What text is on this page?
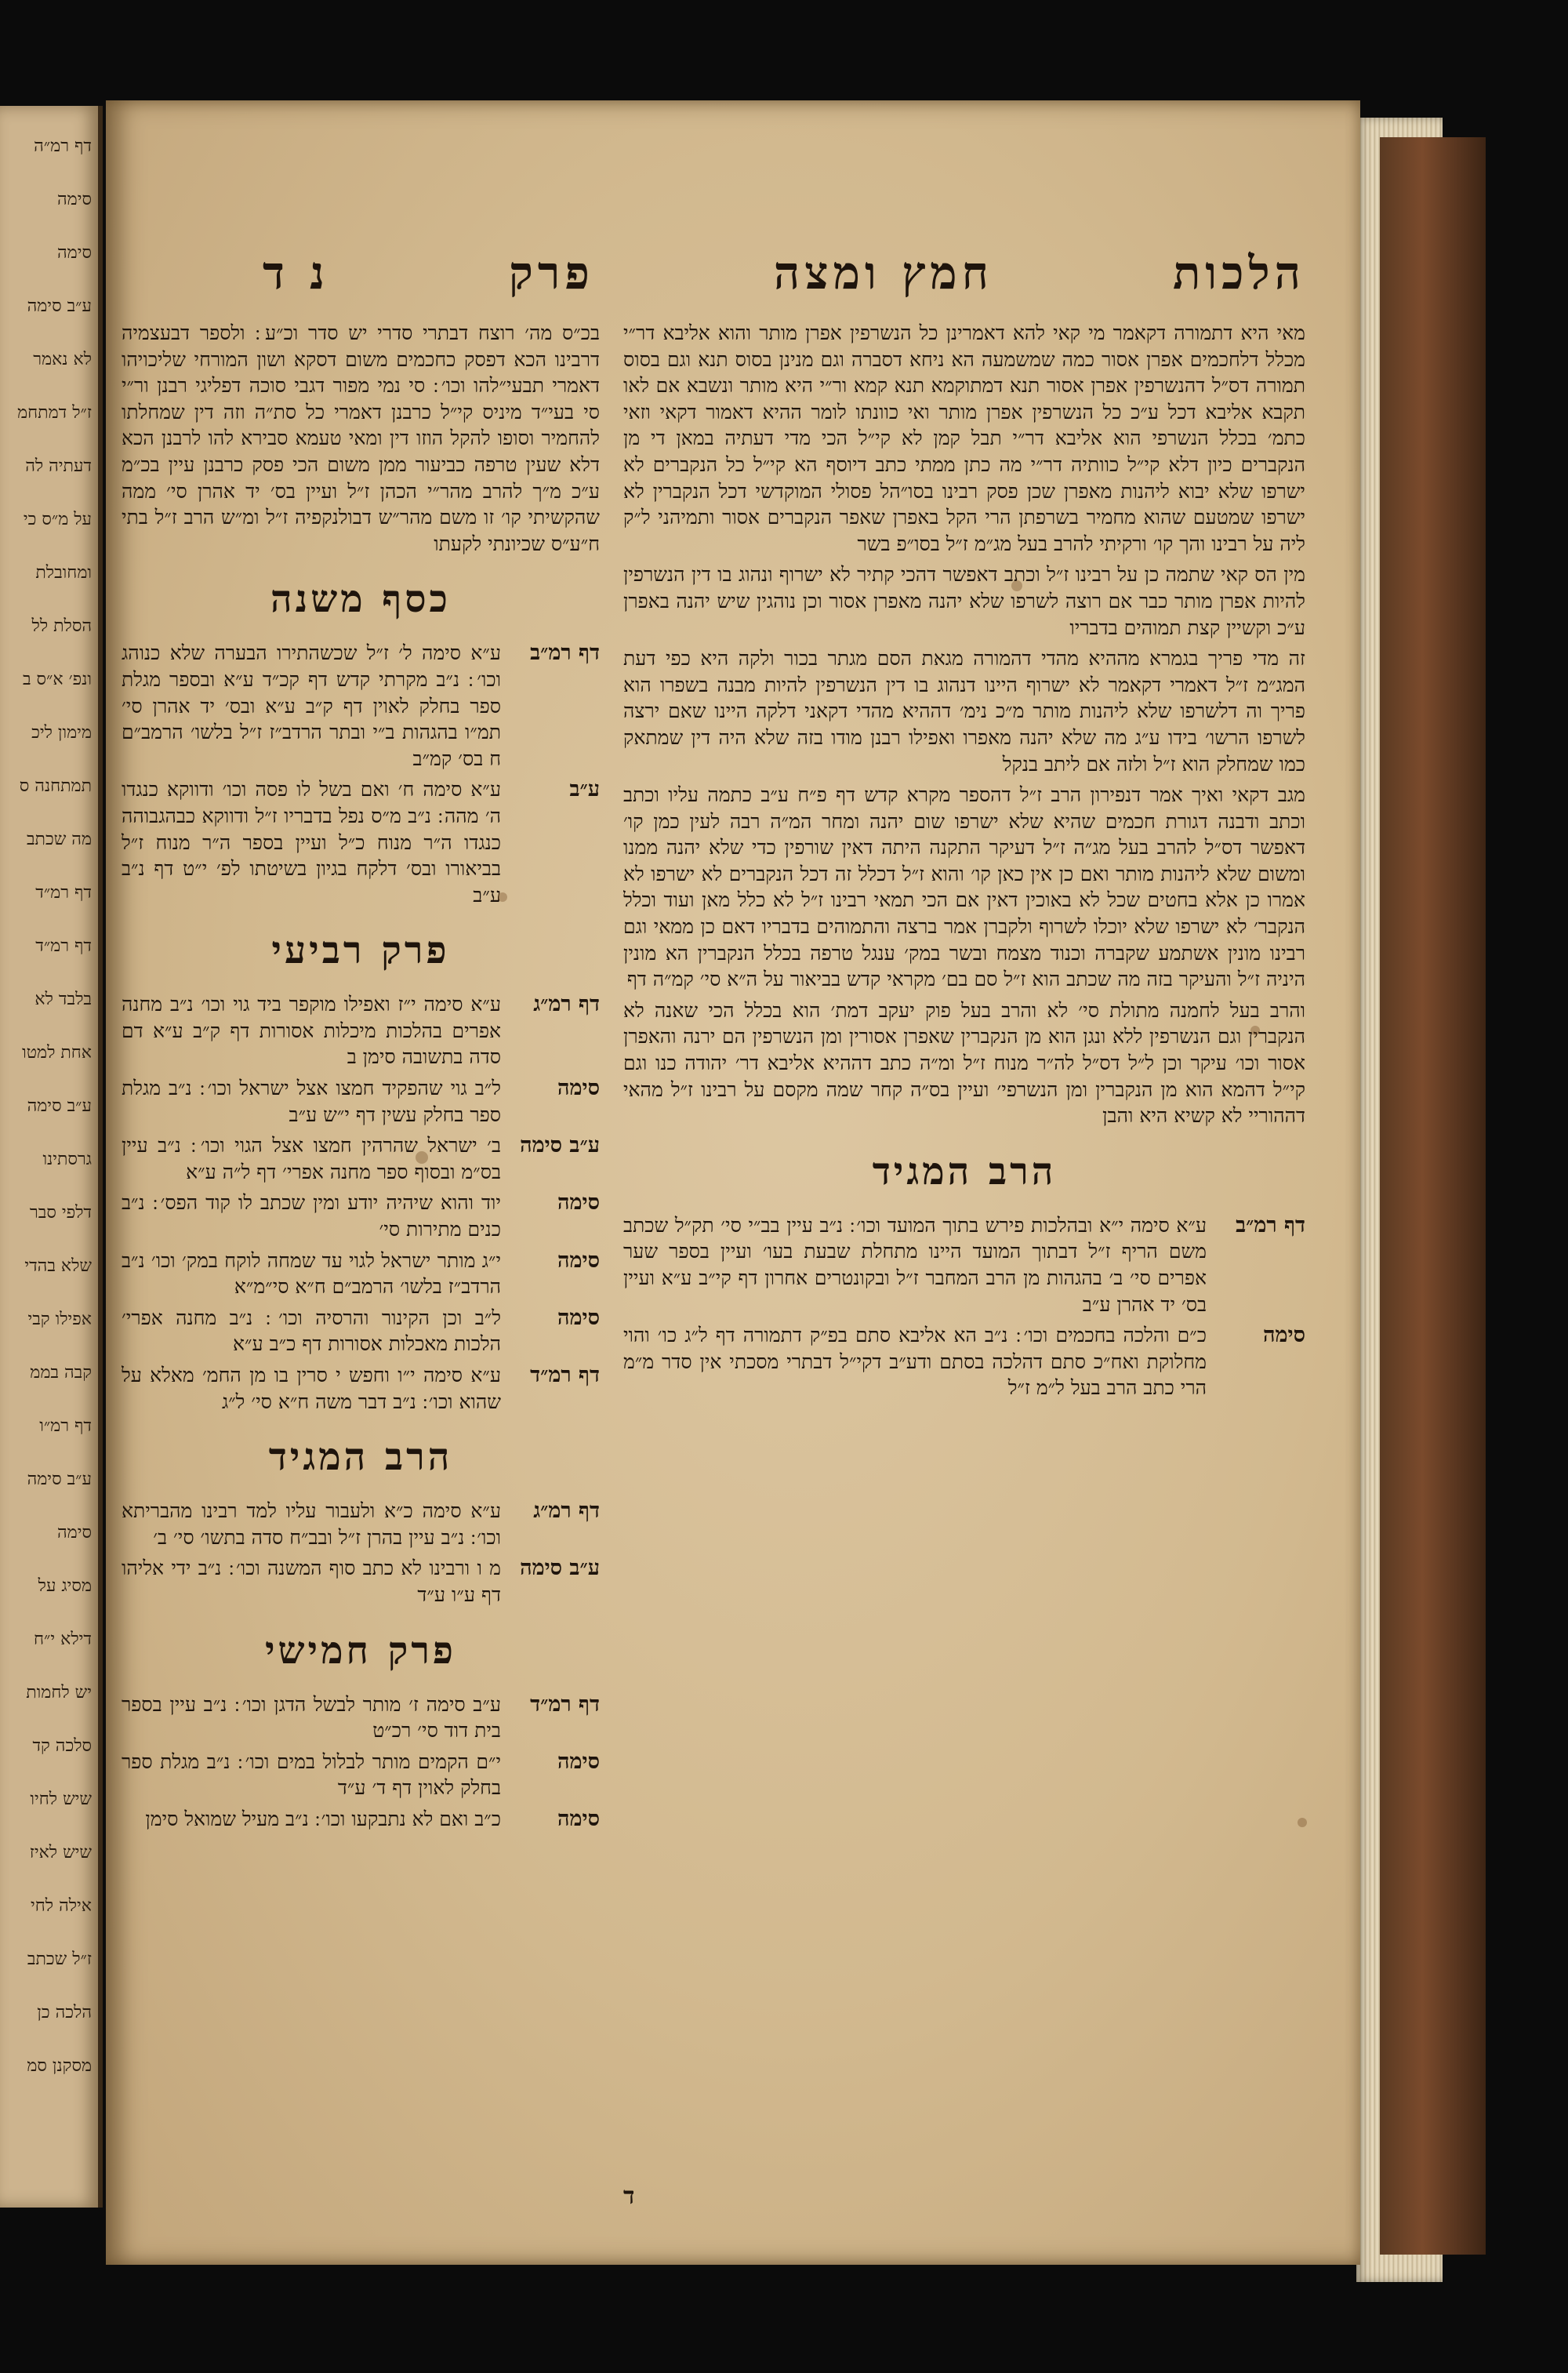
דף רמ״ה
סימה
סימה
ע״ב סימה
לא נאמר
ז״ל דמתחמ
דעתיה לה
על מ״ס כי
ומחובלת
הסלת לל
ונפ׳ א״ס ב
מימון ליכ
תמתחנה ס
מה שכתב
דף רמ״ד
דף רמ״ד
בלבד לא
אחת למטו
ע״ב סימה
גרסתינו
דלפי סבר
שלא בהדי
אפילו קבי
קבה בממ
דף רמ״ו
ע״ב סימה
סימה
מסיג על
דילא י״ח
יש לחמות
סלכה קד
שיש לחיו
שיש לאיז
אילה לחי
ז״ל שכתב
הלכה כן
מסקנן סמ
הלכות
חמץ ומצה
פרק
נ ד

מאי היא דתמורה דקאמר מי קאי להא דאמרינן כל הנשרפין אפרן מותר והוא אליבא דר״י מכלל דלחכמים אפרן אסור כמה שמשמעה הא ניחא דסברה וגם מנינן בסוס תנא וגם בסוס תמורה דס״ל דהנשרפין אפרן אסור תנא דמתוקמא תנא קמא ור״י היא מותר ונשבא אם לאו תקבא אליבא דכל ע״כ כל הנשרפין אפרן מותר ואי כוונתו לומר ההיא דאמור דקאי וזאי כתמ׳ בכלל הנשרפי הוא אליבא דר״י תבל קמן לא קי״ל הכי מדי דעתיה במאן די מן הנקברים כיון דלא קי״ל כוותיה דר״י מה כתן ממתי כתב דיוסף הא קי״ל כל הנקברים לא ישרפו שלא יבוא ליהנות מאפרן שכן פסק רבינו בסו״הל פסולי המוקדשי דכל הנקברין לא ישרפו שמטעם שהוא מחמיר בשרפתן הרי הקל באפרן שאפר הנקברים אסור ותמיהני ל״ק ליה על רבינו והך קו׳ ורקיתי להרב בעל מג״מ ז״ל בסו״פ בשר

מין הס קאי שתמה כן על רבינו ז״ל וכתב דאפשר דהכי קתיר לא ישרוף ונהוג בו דין הנשרפין להיות אפרן מותר כבר אם רוצה לשרפו שלא יהנה מאפרן אסור וכן נוהגין שיש יהנה באפרן ע״כ וקשיין קצת תמוהים בדבריו

זה מדי פריך בגמרא מההיא מהדי דהמורה מגאת הסם מגתר בכור ולקה היא כפי דעת המג״מ ז״ל דאמרי דקאמר לא ישרוף היינו דנהוג בו דין הנשרפין להיות מבנה בשפרו הוא פריך וה דלשרפו שלא ליהנות מותר מ״כ נימ׳ דההיא מהדי דקאני דלקה היינו שאם ירצה לשרפו הרשו׳ בידו ע״ג מה שלא יהנה מאפרו ואפילו רבנן מודו בזה שלא היה דין שמתאק כמו שמחלק הוא ז״ל ולזה אם ליתב בנקל

מגב דקאי ואיך אמר דנפירון הרב ז״ל דהספר מקרא קדש דף פ״ח ע״ב כתמה עליו וכתב וכתב ודבנה דגורת חכמים שהיא שלא ישרפו שום יהנה ומחר המ״ה רבה לעין כמן קו׳ דאפשר דס״ל להרב בעל מג״ה ז״ל דעיקר התקנה היתה דאין שורפין כדי שלא יהנה ממנו ומשום שלא ליהנות מותר ואם כן אין כאן קו׳ והוא ז״ל דכלל זה דכל הנקברים לא ישרפו לא אמרו כן אלא בחטים שכל לא באוכין דאין אם הכי תמאי רבינו ז״ל לא כלל מאן ועוד וכלל הנקבר׳ לא ישרפו שלא יוכלו לשרוף ולקברן אמר ברצה והתמוהים בדבריו דאם כן ממאי וגם רבינו מונין אשתמע שקברה וכנוד מצמח ובשר במק׳ ענגל טרפה בכלל הנקברין הא מונין היניה ז״ל והעיקר בזה מה שכתב הוא ז״ל סם בם׳ מקראי קדש בביאור על ה״א סי׳ קמ״ה דף

והרב בעל לחמנה מתולת סי׳ לא והרב בעל פוק יעקב דמת׳ הוא בכלל הכי שאנה לא הנקברין וגם הנשרפין ללא ונגן הוא מן הנקברין שאפרן אסורין ומן הנשרפין הם ירנה והאפרן אסור וכו׳ עיקר וכן ל״ל דס״ל לה״ר מנוח ז״ל ומ״ה כתב דההיא אליבא דר׳ יהודה כנו וגם קי״ל דהמא הוא מן הנקברין ומן הנשרפי׳ ועיין בס״ה קחר שמה מקסם על רבינו ז״ל מהאי דההוריי לא קשיא היא והבן

הרב המגיד
דף רמ״ב
ע״א סימה י״א ובהלכות פירש בתוך המועד וכו׳ ׃ נ״ב עיין בב״י סי׳ תק״ל שכתב משם הריף ז״ל דבתוך המועד היינו מתחלת שבעת בעו׳ ועיין בספר שער אפרים סי׳ ב׳ בהגהות מן הרב המחבר ז״ל ובקונטרים אחרון דף קי״ב ע״א ועיין בס׳ יד אהרן ע״ב
סימה
כ״ם והלכה בחכמים וכו׳ ׃ נ״ב הא אליבא סתם בפ״ק דתמורה דף ל״ג כו׳ והוי מחלוקת ואח״כ סתם דהלכה בסתם ודע״ב דקי״ל דבתרי מסכתי אין סדר מ״מ הרי כתב הרב בעל ל״מ ז״ל

בכ״ס מה׳ רוצח דבתרי סדרי יש סדר וכ״ע ׃ ולספר דבעצמיה דרבינו הכא דפסק כחכמים משום דסקא ושון המורחי שליכויהו דאמרי תבעי״להו וכו׳ ׃ סי נמי מפור דגבי סוכה דפליגי רבנן ור״י סי בעי״ד מיניס קי״ל כרבנן דאמרי כל סת״ה וזה דין שמחלתו להחמיר וסופו להקל הוזו דין ומאי טעמא סבירא להו לרבנן הכא דלא שעין טרפה כביעור ממן משום הכי פסק כרבנן עיין בכ״מ ע״כ מ״ך להרב מהר״י הכהן ז״ל ועיין בס׳ יד אהרן סי׳ ממה שהקשיתי קו׳ זו משם מהר״ש דבולנקפיה ז״ל ומ״ש הרב ז״ל בתי ח״ע״ס שכיונתי לקעתו

כסף משנה
דף רמ״ב
ע״א סימה ל׳ ז״ל שכשהתירו הבערה שלא כנוהג וכו׳ ׃ נ״ב מקרתי קדש דף קכ״ד ע״א ובספר מגלת ספר בחלק לאוין דף ק״ב ע״א ובס׳ יד אהרן סי׳ תמ״ו בהגהות ב״י ובתר הרדב״ז ז״ל בלשו׳ הרמב״ם ח בס׳ קמ״ב
ע״ב
ע״א סימה ח׳ ואם בשל לו פסה וכו׳ ודווקא כנגדו ה׳ מהה ׃ נ״ב מ״ס נפל בדבריו ז״ל ודווקא כבהגבוהה כנגדו ה״ר מנוח כ״ל ועיין בספר ה״ר מנוח ז״ל בביאורו ובס׳ דלקח בגיון בשיטתו לפ׳ י״ט דף נ״ב ע״ב
פרק רביעי
דף רמ״ג
ע״א סימה י״ז ואפילו מוקפר ביד גוי וכו׳ נ״ב מחנה אפרים בהלכות מיכלות אסורות דף ק״ב ע״א דם סדה בתשובה סימן ב
סימה
ל״ב גוי שהפקיד חמצו אצל ישראל וכו׳ ׃ נ״ב מגלת ספר בחלק עשין דף י״ש ע״ב
ע״ב סימה
ב׳ ישראל שהרהין חמצו אצל הגוי וכו׳ ׃ נ״ב עיין בס״מ ובסוף ספר מחנה אפרי׳ דף ל״ה ע״א
סימה
יוד והוא שיהיה יודע ומין שכתב לו קוד הפס׳ ׃ נ״ב כנים מתירות סי׳
סימה
י״ג מותר ישראל לגוי עד שמחה לוקח במק׳ וכו׳ נ״ב הרדב״ז בלשו׳ הרמב״ם ח״א סי״מ״א
סימה
ל״ב וכן הקינור והרסיה וכו׳ ׃ נ״ב מחנה אפרי׳ הלכות מאכלות אסורות דף כ״ב ע״א
דף רמ״ד
ע״א סימה י״ו וחפש י סרין בו מן החמ׳ מאלא על שהוא וכו׳ ׃ נ״ב דבר משה ח״א סי׳ ל״ג
הרב המגיד
דף רמ״ג
ע״א סימה כ״א ולעבור עליו למד רבינו מהבריתא וכו׳ ׃ נ״ב עיין בהרן ז״ל ובב״ח סדה בתשו׳ סי׳ ב׳
ע״ב סימה
מ ו ורבינו לא כתב סוף המשנה וכו׳ ׃ נ״ב ידי אליהו דף ע״ו ע״ד
פרק חמישי
דף רמ״ד
ע״ב סימה ז׳ מותר לבשל הדגן וכו׳ ׃ נ״ב עיין בספר בית דוד סי׳ רכ״ט
סימה
י״ם הקמים מותר לבלול במים וכו׳ ׃ נ״ב מגלת ספר בחלק לאוין דף ד׳ ע״ד
סימה
כ״ב ואם לא נתבקעו וכו׳ ׃ נ״ב מעיל שמואל סימן
ד
